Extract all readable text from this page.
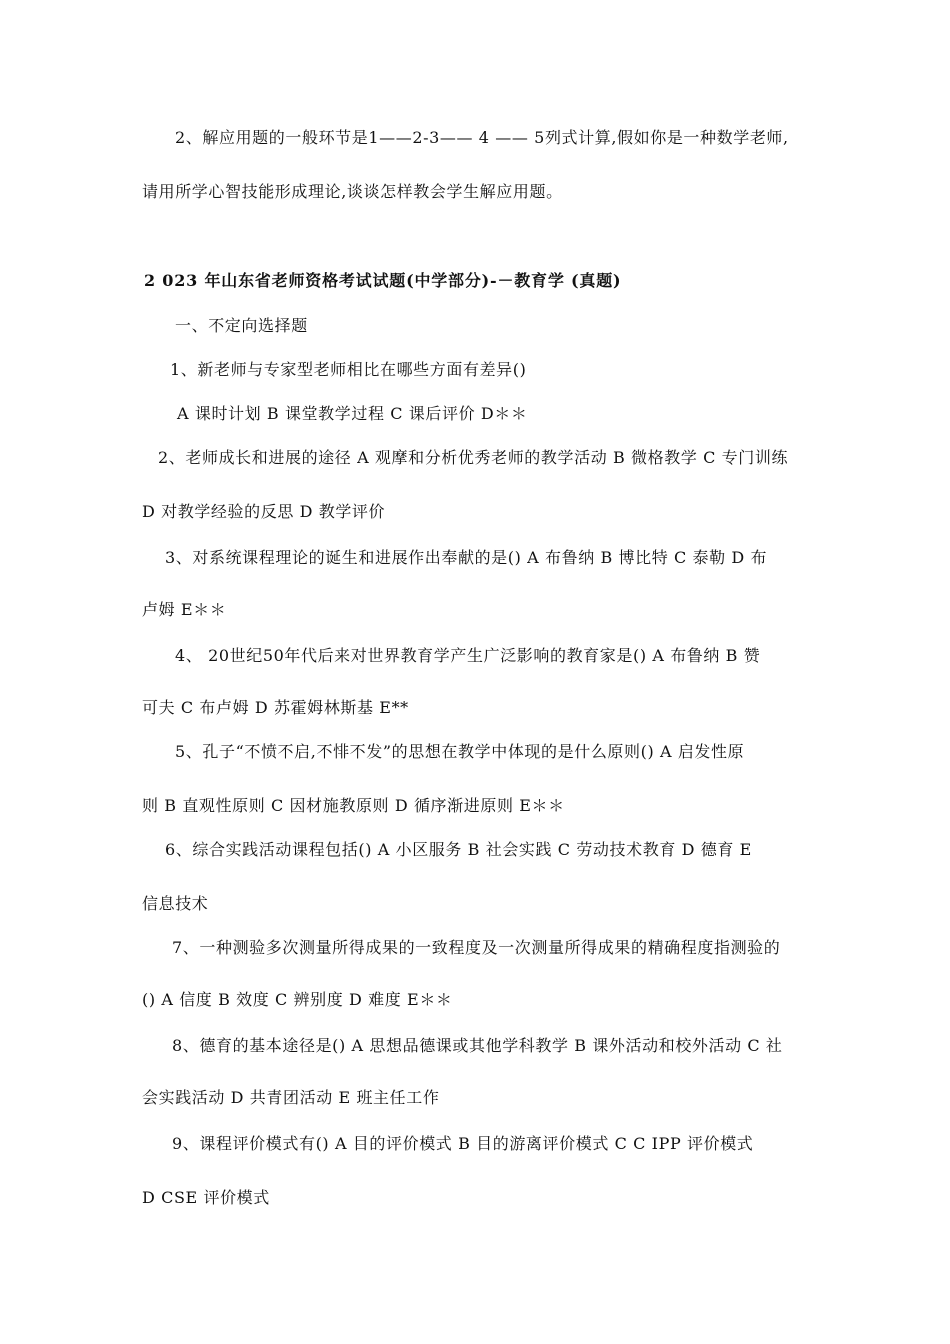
2、解应用题的一般环节是1——2-3—— 4 —— 5列式计算,假如你是一种数学老师,
请用所学心智技能形成理论,谈谈怎样教会学生解应用题。
2 023 年山东省老师资格考试试题(中学部分)-－教育学 (真题)
一、不定向选择题
1、新老师与专家型老师相比在哪些方面有差异()
A 课时计划 B 课堂教学过程 C 课后评价 D＊＊
2、老师成长和进展的途径 A 观摩和分析优秀老师的教学活动 B 微格教学 C 专门训练
D 对教学经验的反思 D 教学评价
3、对系统课程理论的诞生和进展作出奉献的是() A 布鲁纳 B 博比特 C 泰勒 D 布
卢姆 E＊＊
4、 20世纪50年代后来对世界教育学产生广泛影响的教育家是() A 布鲁纳 B 赞
可夫 C 布卢姆 D 苏霍姆林斯基 E**
5、孔子“不愤不启,不悱不发”的思想在教学中体现的是什么原则() A 启发性原
则 B 直观性原则 C 因材施教原则 D 循序渐进原则 E＊＊
6、综合实践活动课程包括() A 小区服务 B 社会实践 C 劳动技术教育 D 德育 E
信息技术
7、一种测验多次测量所得成果的一致程度及一次测量所得成果的精确程度指测验的
() A 信度 B 效度 C 辨别度 D 难度 E＊＊
8、德育的基本途径是() A 思想品德课或其他学科教学 B 课外活动和校外活动 C 社
会实践活动 D 共青团活动 E 班主任工作
9、课程评价模式有() A 目的评价模式 B 目的游离评价模式 C C IPP 评价模式
D CSE 评价模式
